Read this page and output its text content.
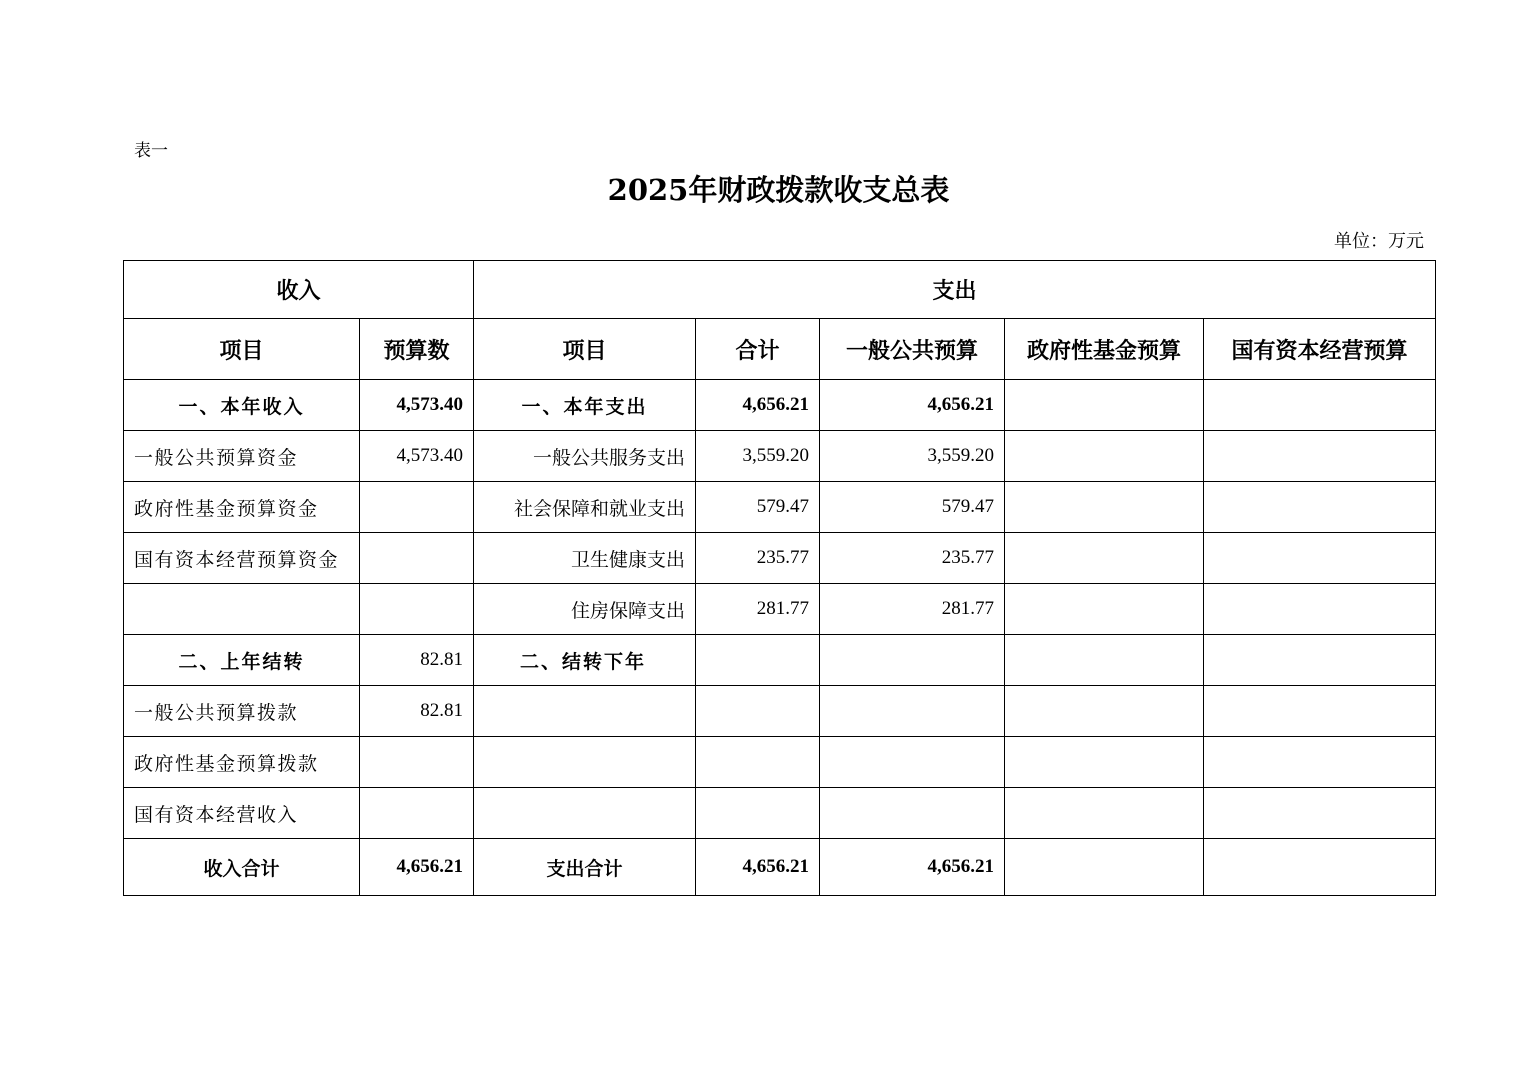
表一
2025年财政拨款收支总表
单位：万元
收入		支出				
项目	预算数	项目	合计	一般公共预算	政府性基金预算	国有资本经营预算
一、本年收入	4,573.40	一、本年支出	4,656.21	4,656.21		
一般公共预算资金	4,573.40	一般公共服务支出	3,559.20	3,559.20		
政府性基金预算资金		社会保障和就业支出	579.47	579.47		
国有资本经营预算资金		卫生健康支出	235.77	235.77		
		住房保障支出	281.77	281.77		
二、上年结转	82.81	二、结转下年				
一般公共预算拨款	82.81					
政府性基金预算拨款						
国有资本经营收入						
收入合计	4,656.21	支出合计	4,656.21	4,656.21		
